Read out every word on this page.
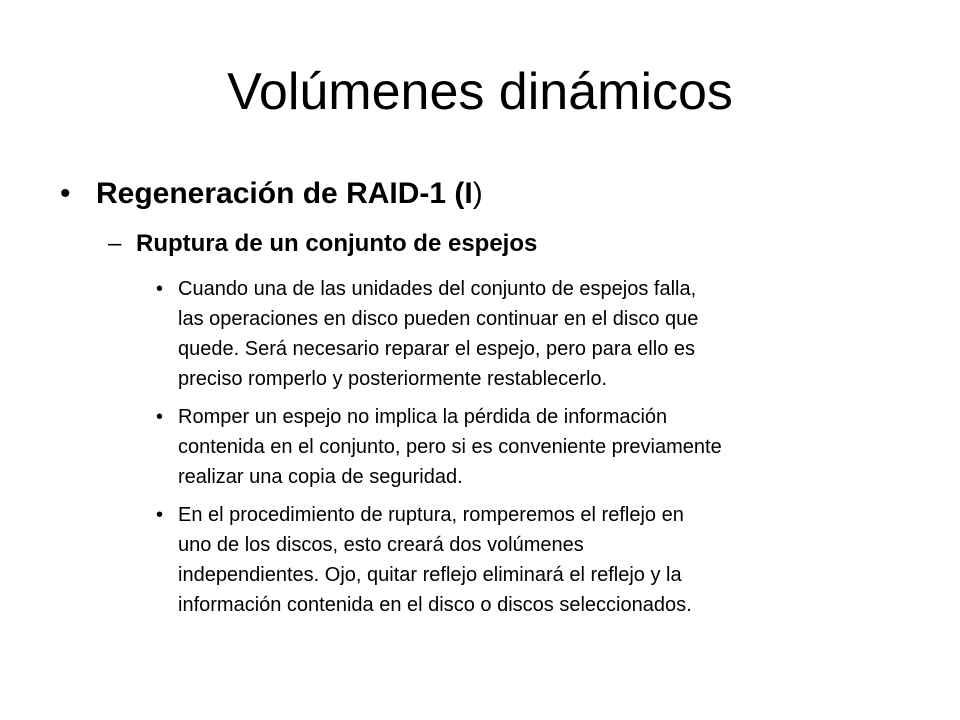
Volúmenes dinámicos
• Regeneración de RAID-1 (I)
– Ruptura de un conjunto de espejos
• Cuando una de las unidades del conjunto de espejos falla,
las operaciones en disco pueden continuar en el disco que
quede. Será necesario reparar el espejo, pero para ello es
preciso romperlo y posteriormente restablecerlo.
• Romper un espejo no implica la pérdida de información
contenida en el conjunto, pero si es conveniente previamente
realizar una copia de seguridad.
• En el procedimiento de ruptura, romperemos el reflejo en
uno de los discos, esto creará dos volúmenes
independientes. Ojo, quitar reflejo eliminará el reflejo y la
información contenida en el disco o discos seleccionados.
